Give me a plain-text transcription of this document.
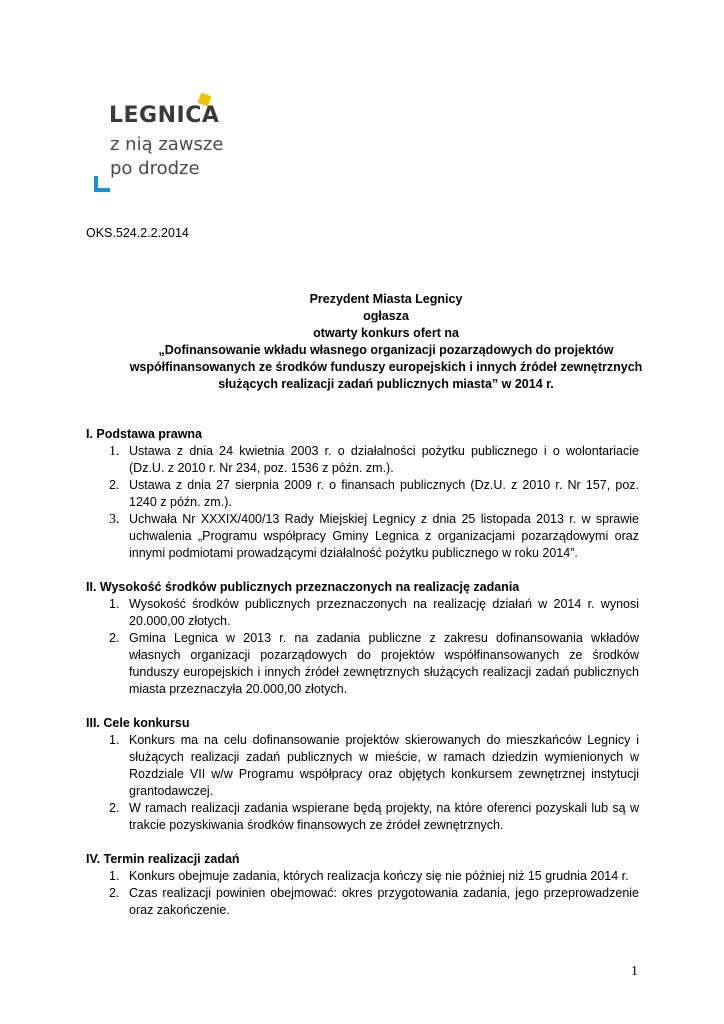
LEGNICA
z nią zawsze
po drodze
OKS.524.2.2.2014
Prezydent Miasta Legnicy
ogłasza
otwarty konkurs ofert na
„Dofinansowanie wkładu własnego organizacji pozarządowych do projektów
współfinansowanych ze środków funduszy europejskich i innych źródeł zewnętrznych
służących realizacji zadań publicznych miasta” w 2014 r.
I. Podstawa prawna
1. Ustawa z dnia 24 kwietnia 2003 r. o działalności pożytku publicznego i o wolontariacie (Dz.U. z 2010 r. Nr 234, poz. 1536 z późn. zm.).
2. Ustawa z dnia 27 sierpnia 2009 r. o finansach publicznych (Dz.U. z 2010 r. Nr 157, poz. 1240 z późn. zm.).
3. Uchwała Nr XXXIX/400/13 Rady Miejskiej Legnicy z dnia 25 listopada 2013 r. w sprawie uchwalenia „Programu współpracy Gminy Legnica z organizacjami pozarządowymi oraz innymi podmiotami prowadzącymi działalność pożytku publicznego w roku 2014”.
II. Wysokość środków publicznych przeznaczonych na realizację zadania
1. Wysokość środków publicznych przeznaczonych na realizację działań w 2014 r. wynosi 20.000,00 złotych.
2. Gmina Legnica w 2013 r. na zadania publiczne z zakresu dofinansowania wkładów własnych organizacji pozarządowych do projektów współfinansowanych ze środków funduszy europejskich i innych źródeł zewnętrznych służących realizacji zadań publicznych miasta przeznaczyła 20.000,00 złotych.
III. Cele konkursu
1. Konkurs ma na celu dofinansowanie projektów skierowanych do mieszkańców Legnicy i służących realizacji zadań publicznych w mieście, w ramach dziedzin wymienionych w Rozdziale VII w/w Programu współpracy oraz objętych konkursem zewnętrznej instytucji grantodawczej.
2. W ramach realizacji zadania wspierane będą projekty, na które oferenci pozyskali lub są w trakcie pozyskiwania środków finansowych ze źródeł zewnętrznych.
IV. Termin realizacji zadań
1. Konkurs obejmuje zadania, których realizacja kończy się nie później niż 15 grudnia 2014 r.
2. Czas realizacji powinien obejmować: okres przygotowania zadania, jego przeprowadzenie oraz zakończenie.
1
